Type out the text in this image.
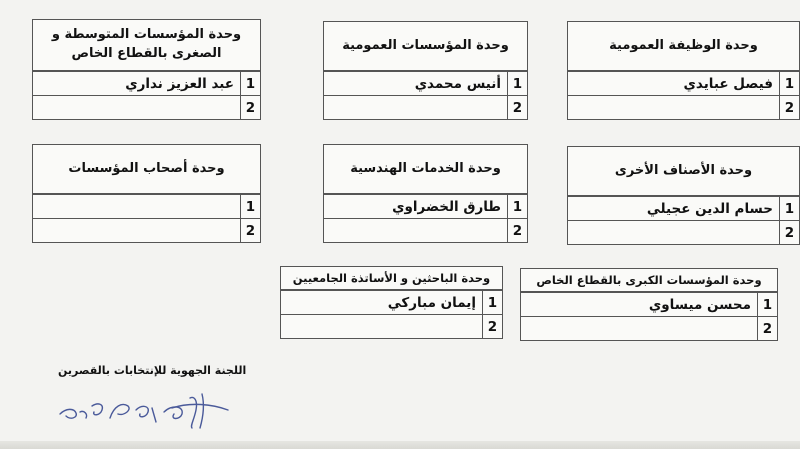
وحدة الوظيفة العمومية
1	فيصل عبايدي
2	
وحدة المؤسسات العمومية
1	أنيس محمدي
2	
وحدة المؤسسات المتوسطة و الصغرى بالقطاع الخاص
1	عبد العزيز نداري
2	
وحدة الأصناف الأخرى
1	حسام الدين عجيلي
2	
وحدة الخدمات الهندسية
1	طارق الخضراوي
2	
وحدة أصحاب المؤسسات
1	
2	
وحدة المؤسسات الكبرى بالقطاع الخاص
1	محسن ميساوي
2	
وحدة الباحثين و الأساتذة الجامعيين
1	إيمان مباركي
2	
اللجنة الجهوية للإنتخابات بالقصرين
